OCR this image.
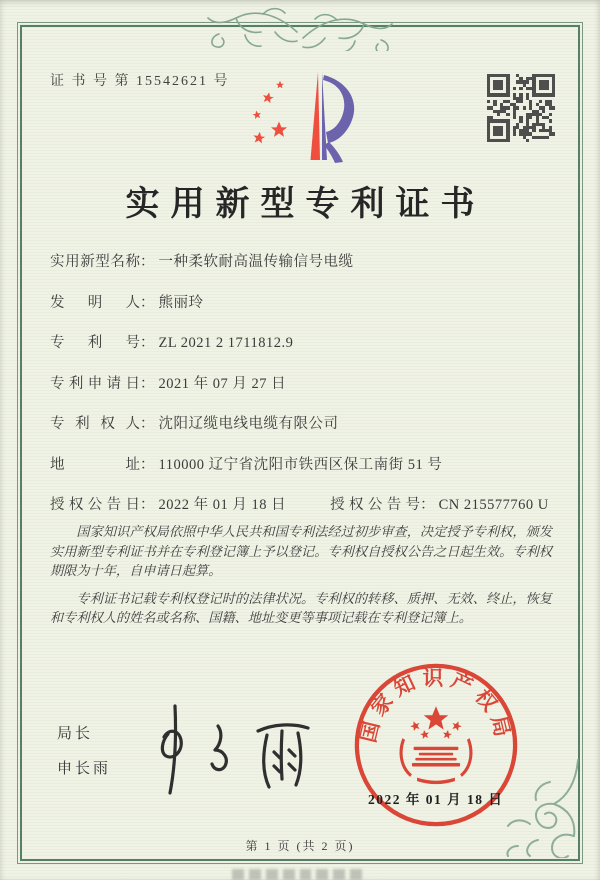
证 书 号 第 15542621 号
实用新型专利证书
实用新型名称： 一种柔软耐高温传输信号电缆
发明人： 熊丽玲
专利号： ZL 2021 2 1711812.9
专利申请日： 2021 年 07 月 27 日
专利权人： 沈阳辽缆电线电缆有限公司
地址： 110000 辽宁省沈阳市铁西区保工南街 51 号
授权公告日： 2022 年 01 月 18 日	授权公告号： CN 215577760 U

国家知识产权局依照中华人民共和国专利法经过初步审查，决定授予专利权，颁发实用新型专利证书并在专利登记簿上予以登记。专利权自授权公告之日起生效。专利权期限为十年，自申请日起算。

专利证书记载专利权登记时的法律状况。专利权的转移、质押、无效、终止，恢复和专利权人的姓名或名称、国籍、地址变更等事项记载在专利登记簿上。

局长
申长雨
国家知识产权局
2022 年 01 月 18 日
第 1 页 (共 2 页)
